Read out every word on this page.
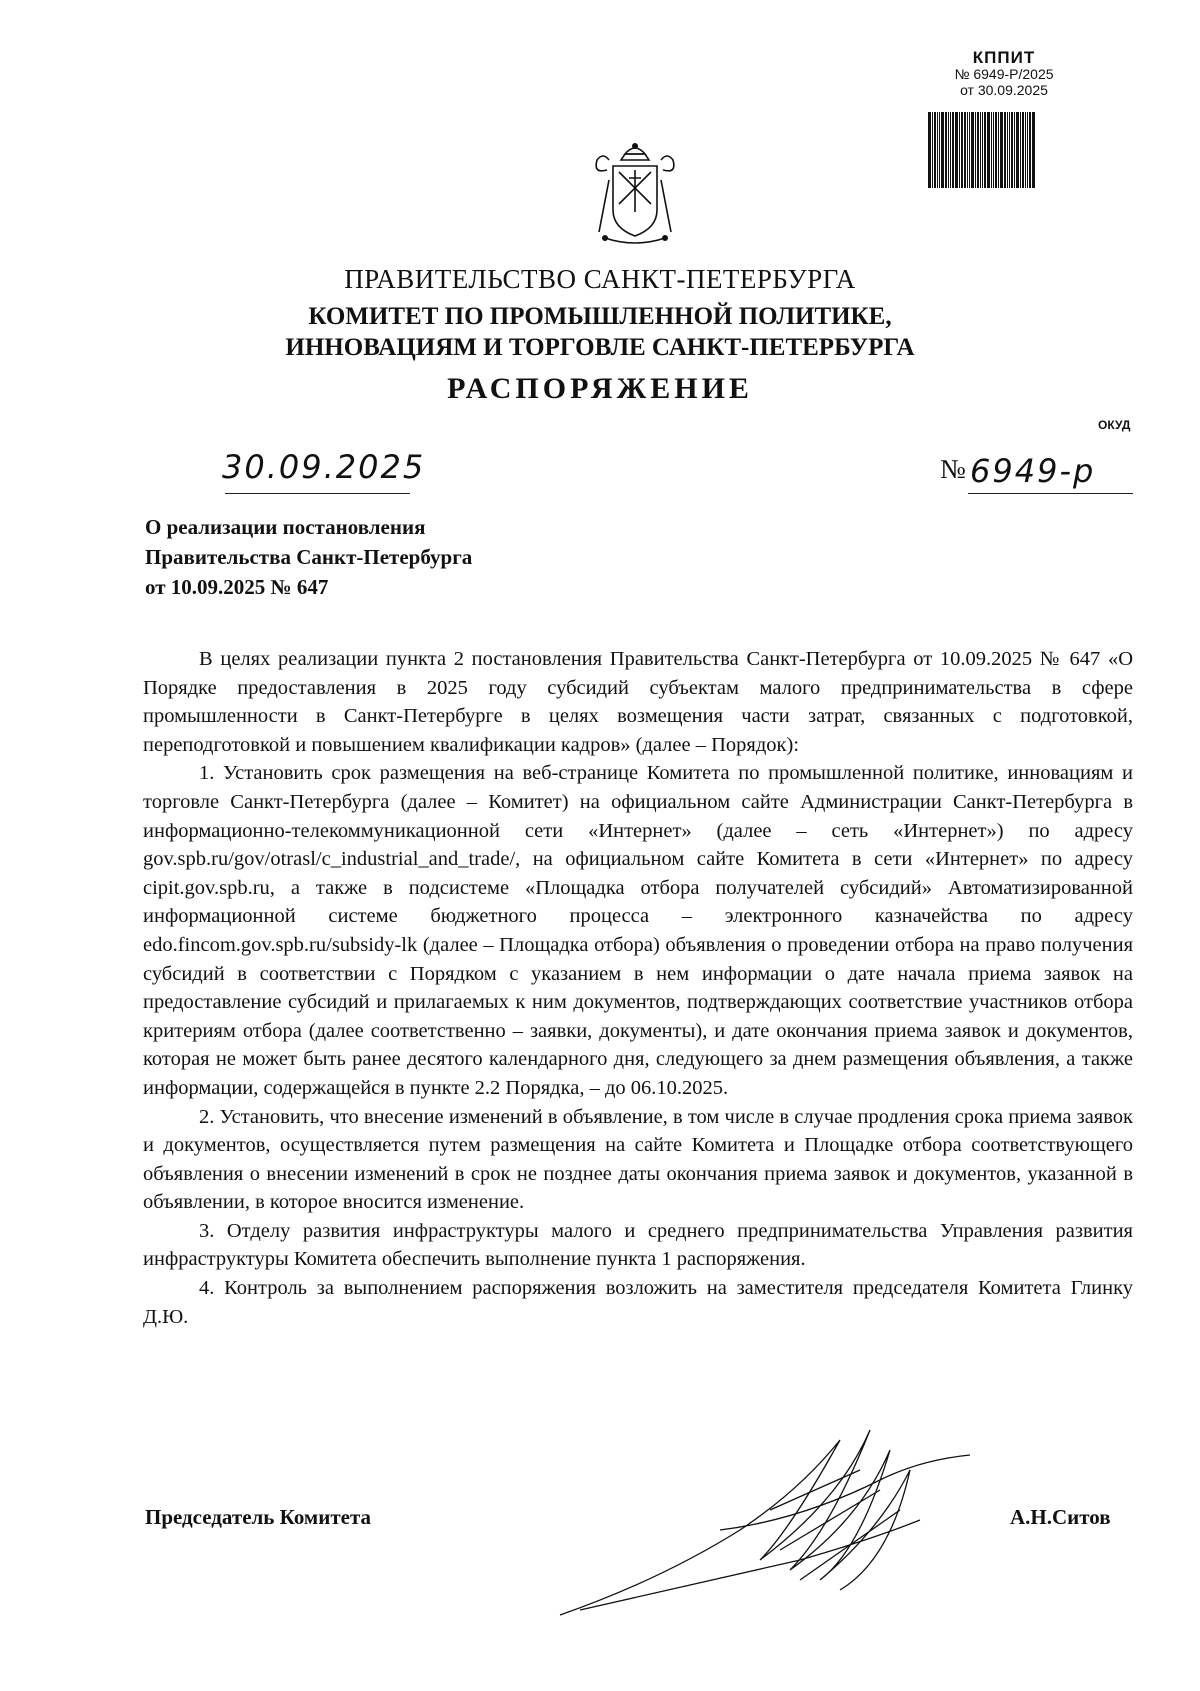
КППИТ
№ 6949-Р/2025
от 30.09.2025
ПРАВИТЕЛЬСТВО САНКТ-ПЕТЕРБУРГА
КОМИТЕТ ПО ПРОМЫШЛЕННОЙ ПОЛИТИКЕ,
ИННОВАЦИЯМ И ТОРГОВЛЕ САНКТ-ПЕТЕРБУРГА
РАСПОРЯЖЕНИЕ
ОКУД
30.09.2025	№ 6949-р
О реализации постановления
Правительства Санкт-Петербурга
от 10.09.2025 № 647

В целях реализации пункта 2 постановления Правительства Санкт-Петербурга от 10.09.2025 № 647 «О Порядке предоставления в 2025 году субсидий субъектам малого предпринимательства в сфере промышленности в Санкт-Петербурге в целях возмещения части затрат, связанных с подготовкой, переподготовкой и повышением квалификации кадров» (далее – Порядок):

1. Установить срок размещения на веб-странице Комитета по промышленной политике, инновациям и торговле Санкт-Петербурга (далее – Комитет) на официальном сайте Администрации Санкт-Петербурга в информационно-телекоммуникационной сети «Интернет» (далее – сеть «Интернет») по адресу gov.spb.ru/gov/otrasl/c_industrial_and_trade/, на официальном сайте Комитета в сети «Интернет» по адресу cipit.gov.spb.ru, а также в подсистеме «Площадка отбора получателей субсидий» Автоматизированной информационной системе бюджетного процесса – электронного казначейства по адресу edo.fincom.gov.spb.ru/subsidy-lk (далее – Площадка отбора) объявления о проведении отбора на право получения субсидий в соответствии с Порядком с указанием в нем информации о дате начала приема заявок на предоставление субсидий и прилагаемых к ним документов, подтверждающих соответствие участников отбора критериям отбора (далее соответственно – заявки, документы), и дате окончания приема заявок и документов, которая не может быть ранее десятого календарного дня, следующего за днем размещения объявления, а также информации, содержащейся в пункте 2.2 Порядка, – до 06.10.2025.

2. Установить, что внесение изменений в объявление, в том числе в случае продления срока приема заявок и документов, осуществляется путем размещения на сайте Комитета и Площадке отбора соответствующего объявления о внесении изменений в срок не позднее даты окончания приема заявок и документов, указанной в объявлении, в которое вносится изменение.

3. Отделу развития инфраструктуры малого и среднего предпринимательства Управления развития инфраструктуры Комитета обеспечить выполнение пункта 1 распоряжения.

4. Контроль за выполнением распоряжения возложить на заместителя председателя Комитета Глинку Д.Ю.

Председатель Комитета	А.Н.Ситов
